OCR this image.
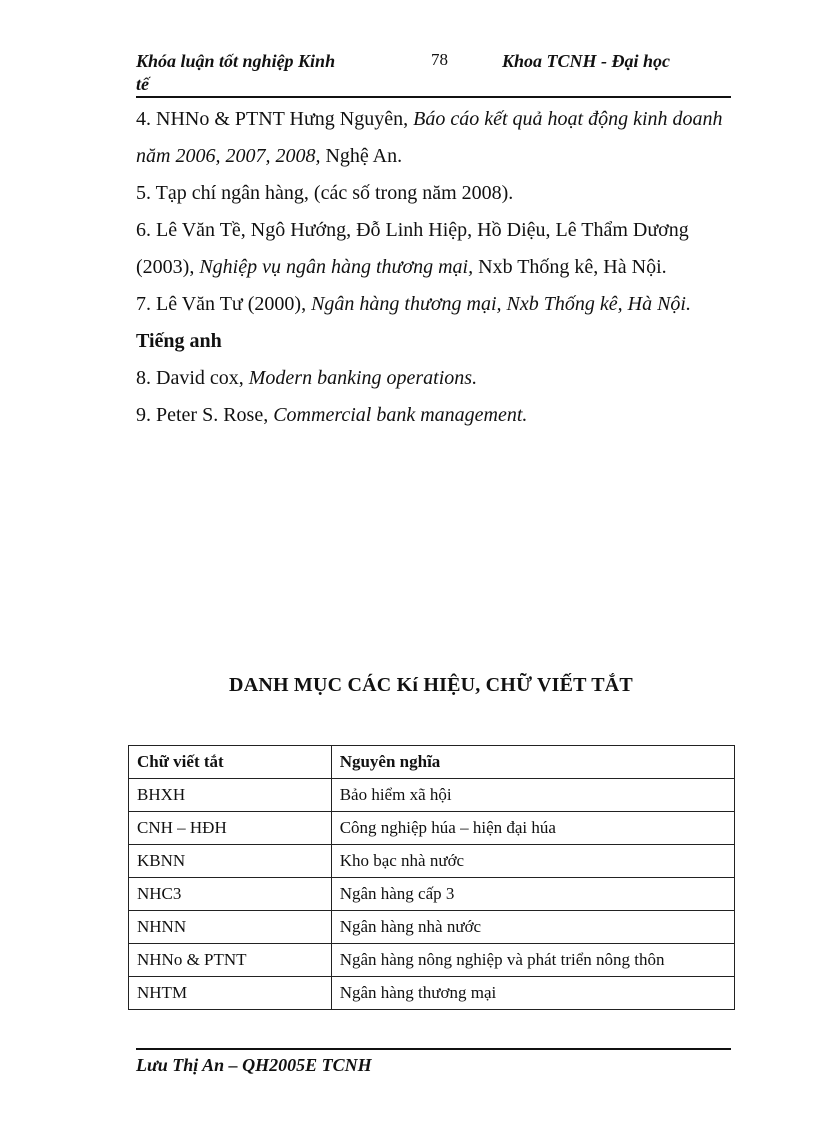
Khóa luận tốt nghiệp Kinh tế
78	Khoa TCNH - Đại học

4. NHNo & PTNT Hưng Nguyên, Báo cáo kết quả hoạt động kinh doanh năm 2006, 2007, 2008, Nghệ An.

5. Tạp chí ngân hàng, (các số trong năm 2008).

6. Lê Văn Tề, Ngô Hướng, Đỗ Linh Hiệp, Hồ Diệu, Lê Thẩm Dương (2003), Nghiệp vụ ngân hàng thương mại, Nxb Thống kê, Hà Nội.

7. Lê Văn Tư (2000), Ngân hàng thương mại, Nxb Thống kê, Hà Nội.

Tiếng anh

8. David cox, Modern banking operations.

9. Peter S. Rose, Commercial bank management.

DANH MỤC CÁC Kí HIỆU, CHỮ VIẾT TẮT
Chữ viết tắt	Nguyên nghĩa
BHXH	Bảo hiểm xã hội
CNH – HĐH	Công nghiệp húa – hiện đại húa
KBNN	Kho bạc nhà nước
NHC3	Ngân hàng cấp 3
NHNN	Ngân hàng nhà nước
NHNo & PTNT	Ngân hàng nông nghiệp và phát triển nông thôn
NHTM	Ngân hàng thương mại
Lưu Thị An – QH2005E TCNH
